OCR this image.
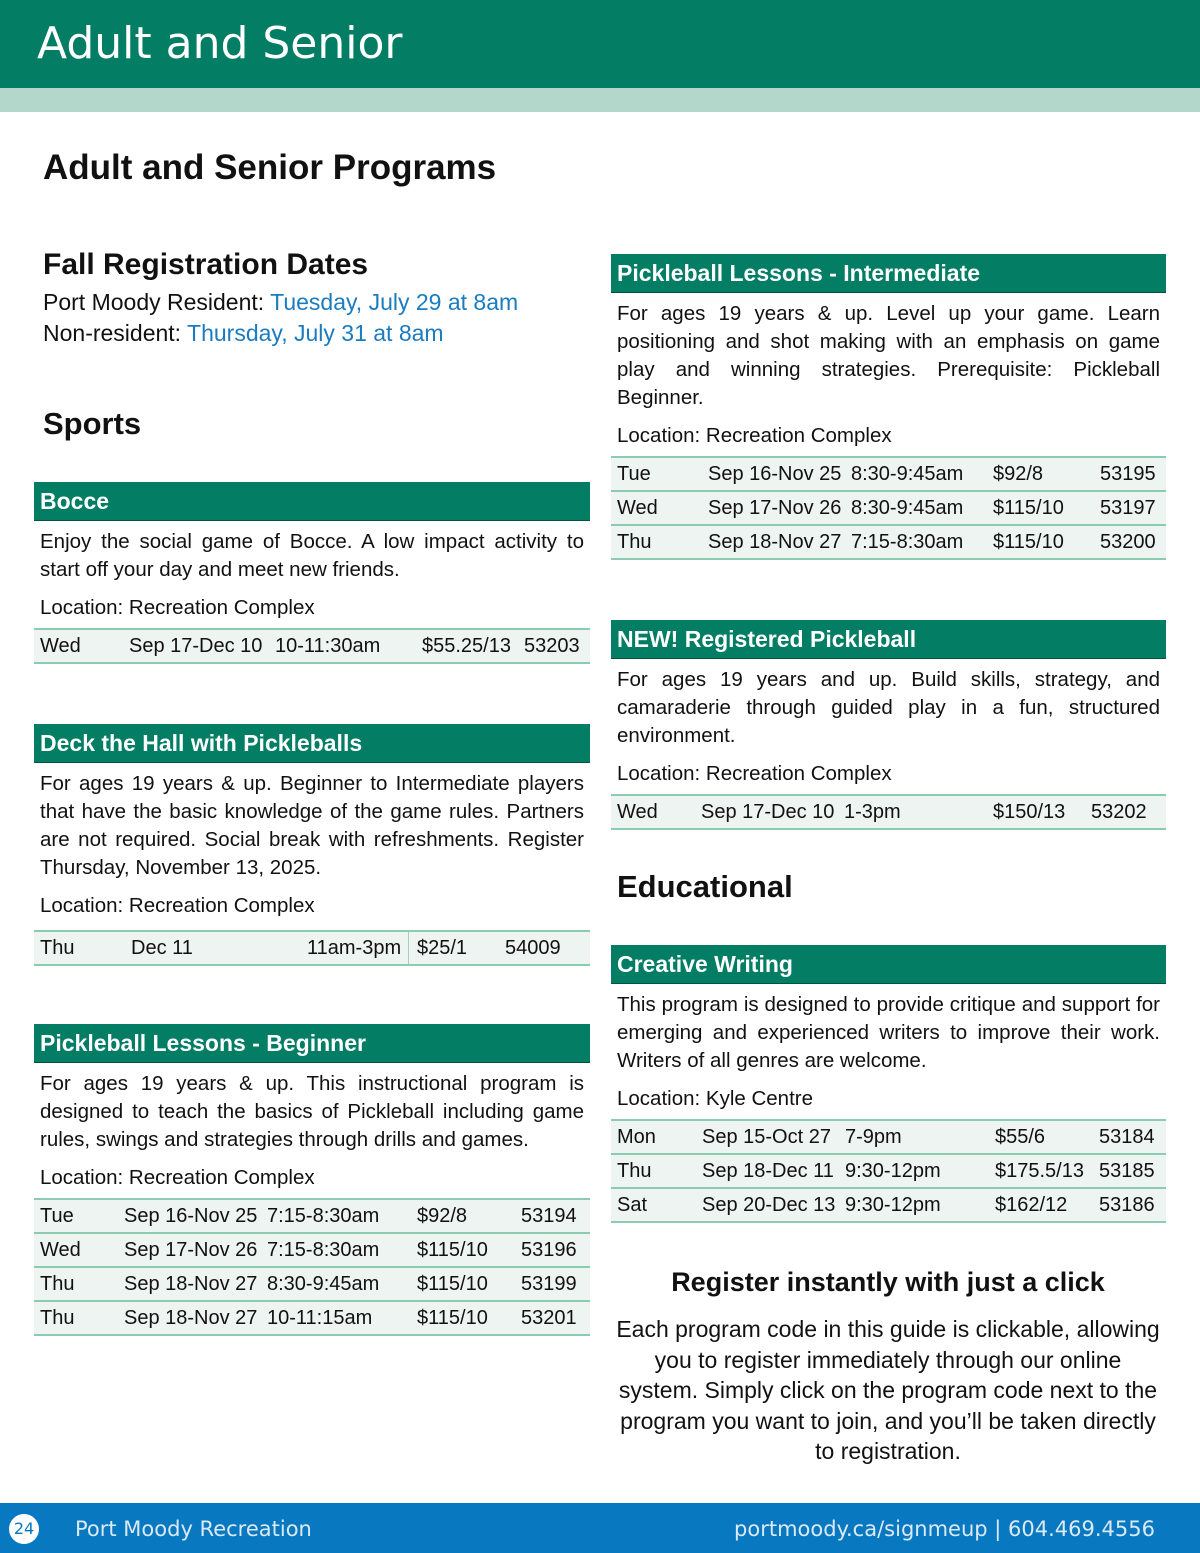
Adult and Senior
Adult and Senior Programs
Fall Registration Dates
Port Moody Resident: Tuesday, July 29 at 8am
Non-resident: Thursday, July 31 at 8am
Sports
Educational
Bocce
Enjoy the social game of Bocce. A low impact activity to start off your day and meet new friends.
Location: Recreation Complex
Wed Sep 17-Dec 10 10-11:30am $55.25/13 53203
Deck the Hall with Pickleballs
For ages 19 years & up. Beginner to Intermediate players that have the basic knowledge of the game rules. Partners are not required. Social break with refreshments. Register Thursday, November 13, 2025.
Location: Recreation Complex
Thu	Dec 11	11am-3pm $25/1 54009
Pickleball Lessons - Beginner
For ages 19 years & up. This instructional program is designed to teach the basics of Pickleball including game rules, swings and strategies through drills and games.
Location: Recreation Complex
Tue	Sep 16-Nov 25 7:15-8:30am $92/8	53194
Wed Sep 17-Nov 26 7:15-8:30am $115/10 53196
Thu Sep 18-Nov 27 8:30-9:45am $115/10 53199
Thu Sep 18-Nov 27 10-11:15am $115/10 53201
Pickleball Lessons - Intermediate
For ages 19 years & up. Level up your game. Learn positioning and shot making with an emphasis on game play and winning strategies. Prerequisite: Pickleball Beginner.
Location: Recreation Complex
Tue	Sep 16-Nov 25 8:30-9:45am $92/8	53195
Wed	Sep 17-Nov 26 8:30-9:45am $115/10 53197
Thu	Sep 18-Nov 27 7:15-8:30am $115/10 53200
NEW! Registered Pickleball
For ages 19 years and up. Build skills, strategy, and camaraderie through guided play in a fun, structured environment.
Location: Recreation Complex
Wed Sep 17-Dec 10 1-3pm	$150/13 53202
Creative Writing
This program is designed to provide critique and support for emerging and experienced writers to improve their work. Writers of all genres are welcome.
Location: Kyle Centre
Mon Sep 15-Oct 27 7-9pm	$55/6	53184
Thu	Sep 18-Dec 11 9:30-12pm	$175.5/13 53185
Sat	Sep 20-Dec 13 9:30-12pm	$162/12 53186
Register instantly with just a click
Each program code in this guide is clickable, allowing you to register immediately through our online system. Simply click on the program code next to the program you want to join, and you’ll be taken directly to registration.
24 Port Moody Recreation	portmoody.ca/signmeup | 604.469.4556
